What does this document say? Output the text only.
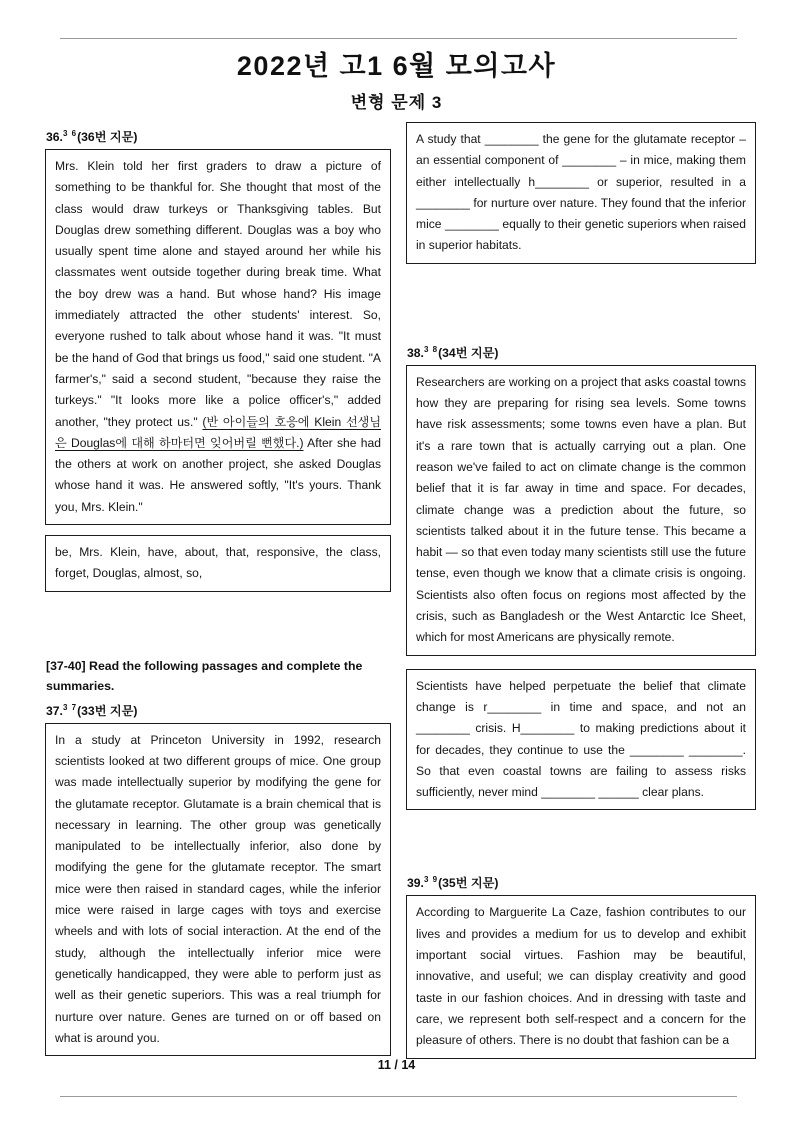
2022년 고1 6월 모의고사
변형 문제 3
36.$^{3 6}$(36번 지문)
Mrs. Klein told her first graders to draw a picture of something to be thankful for. She thought that most of the class would draw turkeys or Thanksgiving tables. But Douglas drew something different. Douglas was a boy who usually spent time alone and stayed around her while his classmates went outside together during break time. What the boy drew was a hand. But whose hand? His image immediately attracted the other students' interest. So, everyone rushed to talk about whose hand it was. "It must be the hand of God that brings us food," said one student. "A farmer's," said a second student, "because they raise the turkeys." "It looks more like a police officer's," added another, "they protect us." (반 아이들의 호응에 Klein 선생님은 Douglas에 대해 하마터면 잊어버릴 뻔했다.) After she had the others at work on another project, she asked Douglas whose hand it was. He answered softly, "It's yours. Thank you, Mrs. Klein."
be, Mrs. Klein, have, about, that, responsive, the class, forget, Douglas, almost, so,
[37-40] Read the following passages and complete the summaries.
37.$^{3 7}$(33번 지문)
In a study at Princeton University in 1992, research scientists looked at two different groups of mice. One group was made intellectually superior by modifying the gene for the glutamate receptor. Glutamate is a brain chemical that is necessary in learning. The other group was genetically manipulated to be intellectually inferior, also done by modifying the gene for the glutamate receptor. The smart mice were then raised in standard cages, while the inferior mice were raised in large cages with toys and exercise wheels and with lots of social interaction. At the end of the study, although the intellectually inferior mice were genetically handicapped, they were able to perform just as well as their genetic superiors. This was a real triumph for nurture over nature. Genes are turned on or off based on what is around you.
A study that ________ the gene for the glutamate receptor – an essential component of ________ – in mice, making them either intellectually h________ or superior, resulted in a ________ for nurture over nature. They found that the inferior mice ________ equally to their genetic superiors when raised in superior habitats.
38.$^{3 8}$(34번 지문)
Researchers are working on a project that asks coastal towns how they are preparing for rising sea levels. Some towns have risk assessments; some towns even have a plan. But it's a rare town that is actually carrying out a plan. One reason we've failed to act on climate change is the common belief that it is far away in time and space. For decades, climate change was a prediction about the future, so scientists talked about it in the future tense. This became a habit — so that even today many scientists still use the future tense, even though we know that a climate crisis is ongoing. Scientists also often focus on regions most affected by the crisis, such as Bangladesh or the West Antarctic Ice Sheet, which for most Americans are physically remote.
Scientists have helped perpetuate the belief that climate change is r________ in time and space, and not an ________ crisis. H________ to making predictions about it for decades, they continue to use the ________ ________. So that even coastal towns are failing to assess risks sufficiently, never mind ________ ______ clear plans.
39.$^{3 9}$(35번 지문)
According to Marguerite La Caze, fashion contributes to our lives and provides a medium for us to develop and exhibit important social virtues. Fashion may be beautiful, innovative, and useful; we can display creativity and good taste in our fashion choices. And in dressing with taste and care, we represent both self-respect and a concern for the pleasure of others. There is no doubt that fashion can be a
11 / 14
